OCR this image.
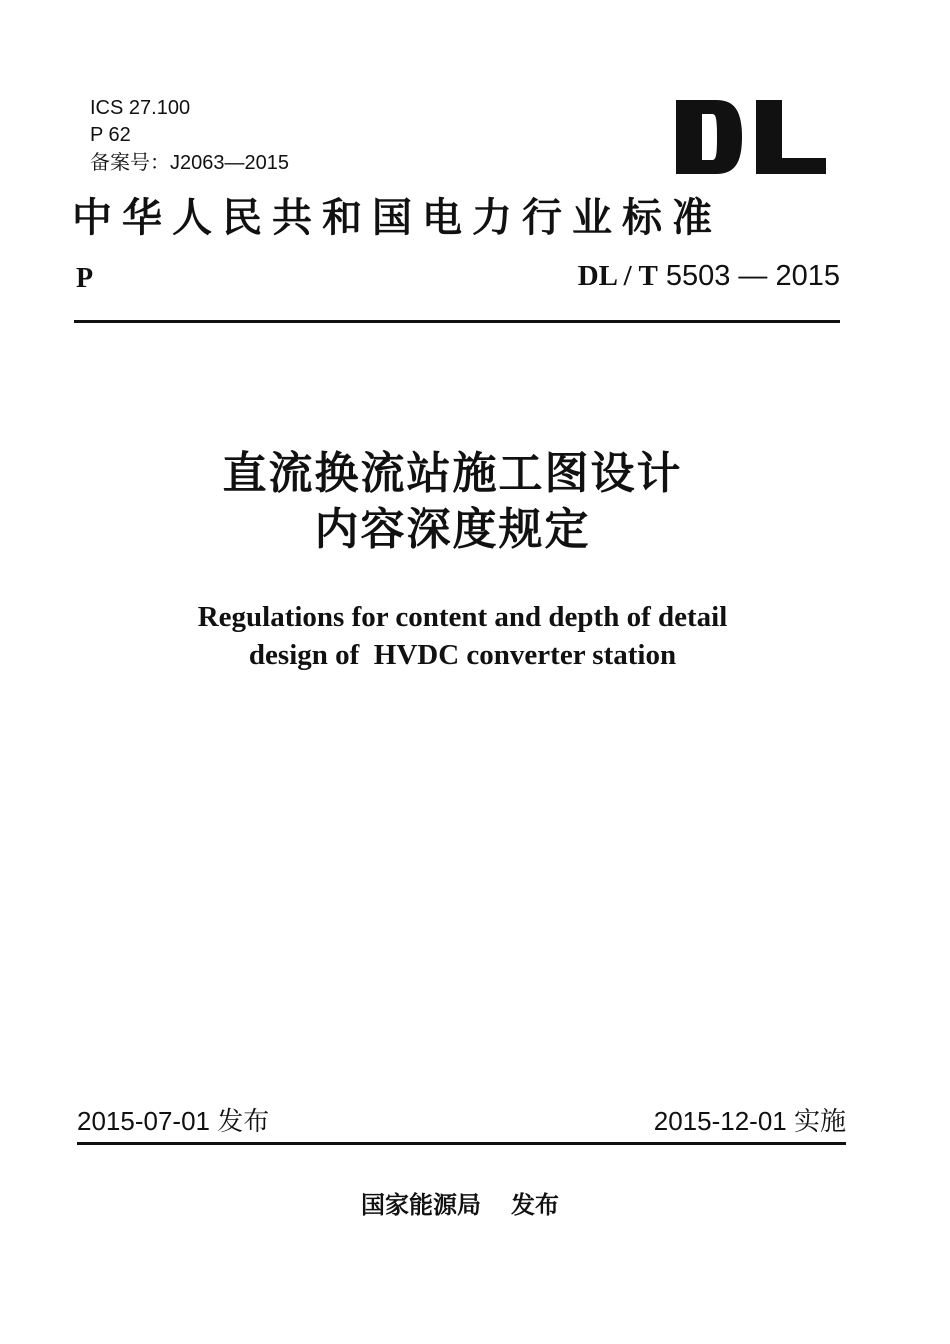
ICS 27.100
P 62
备案号：J2063—2015
中华人民共和国电力行业标准
P	DL / T 5503 — 2015
直流换流站施工图设计
内容深度规定
Regulations for content and depth of detail
design of  HVDC converter station
2015-07-01 发布	2015-12-01 实施
国家能源局 发布
